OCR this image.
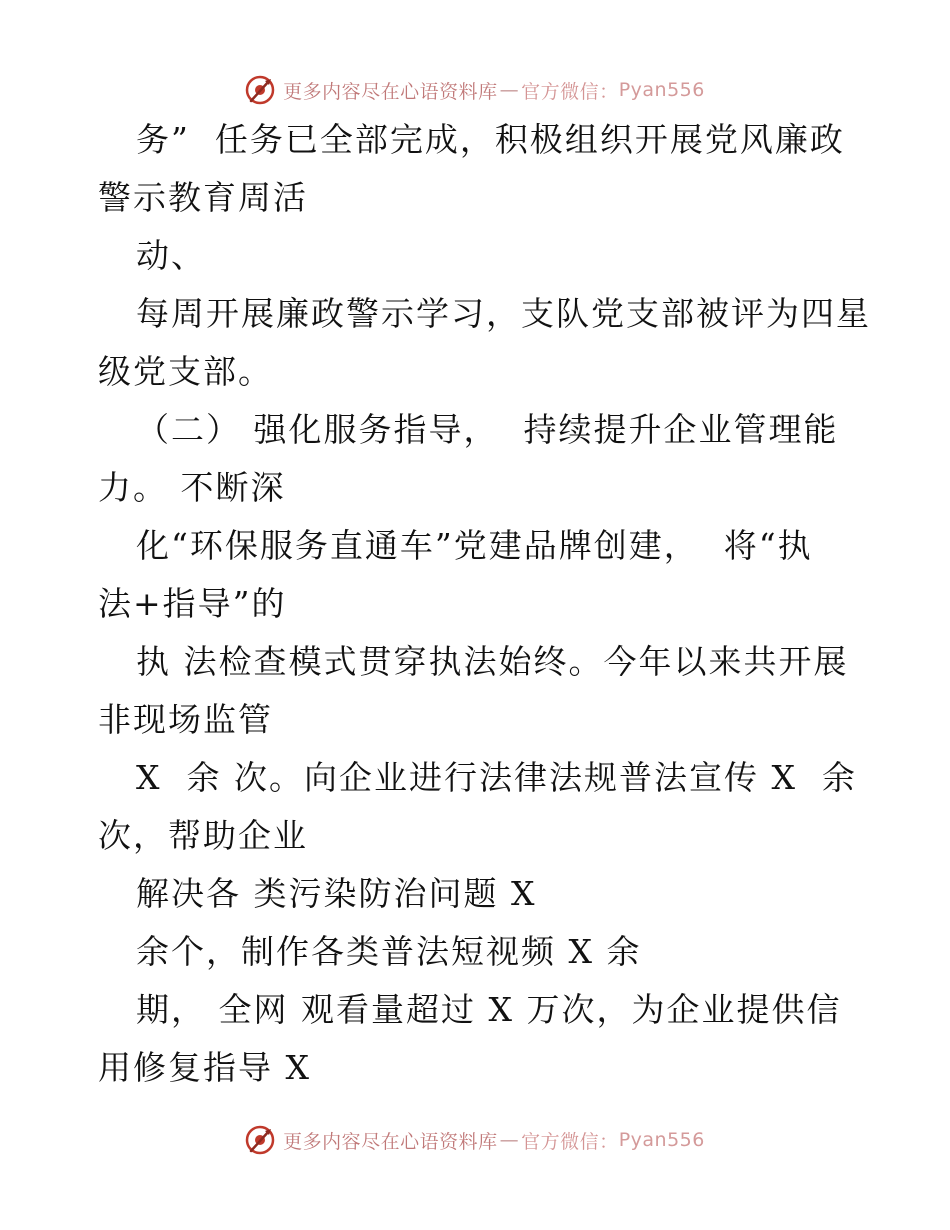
更多内容尽在心语资料库 — 官方微信： Pyan556
务”  任务已全部完成，积极组织开展党风廉政
警示教育周活
动、
每周开展廉政警示学习，支队党支部被评为四星
级党支部。
（二） 强化服务指导，  持续提升企业管理能
力。 不断深
化“环保服务直通车”党建品牌创建，  将“执
法+指导”的
执 法检查模式贯穿执法始终。今年以来共开展
非现场监管
X  余 次。向企业进行法律法规普法宣传 X  余
次，帮助企业
解决各 类污染防治问题 X
余个，制作各类普法短视频 X 余
期， 全网 观看量超过 X 万次，为企业提供信
用修复指导 X
更多内容尽在心语资料库 — 官方微信： Pyan556
